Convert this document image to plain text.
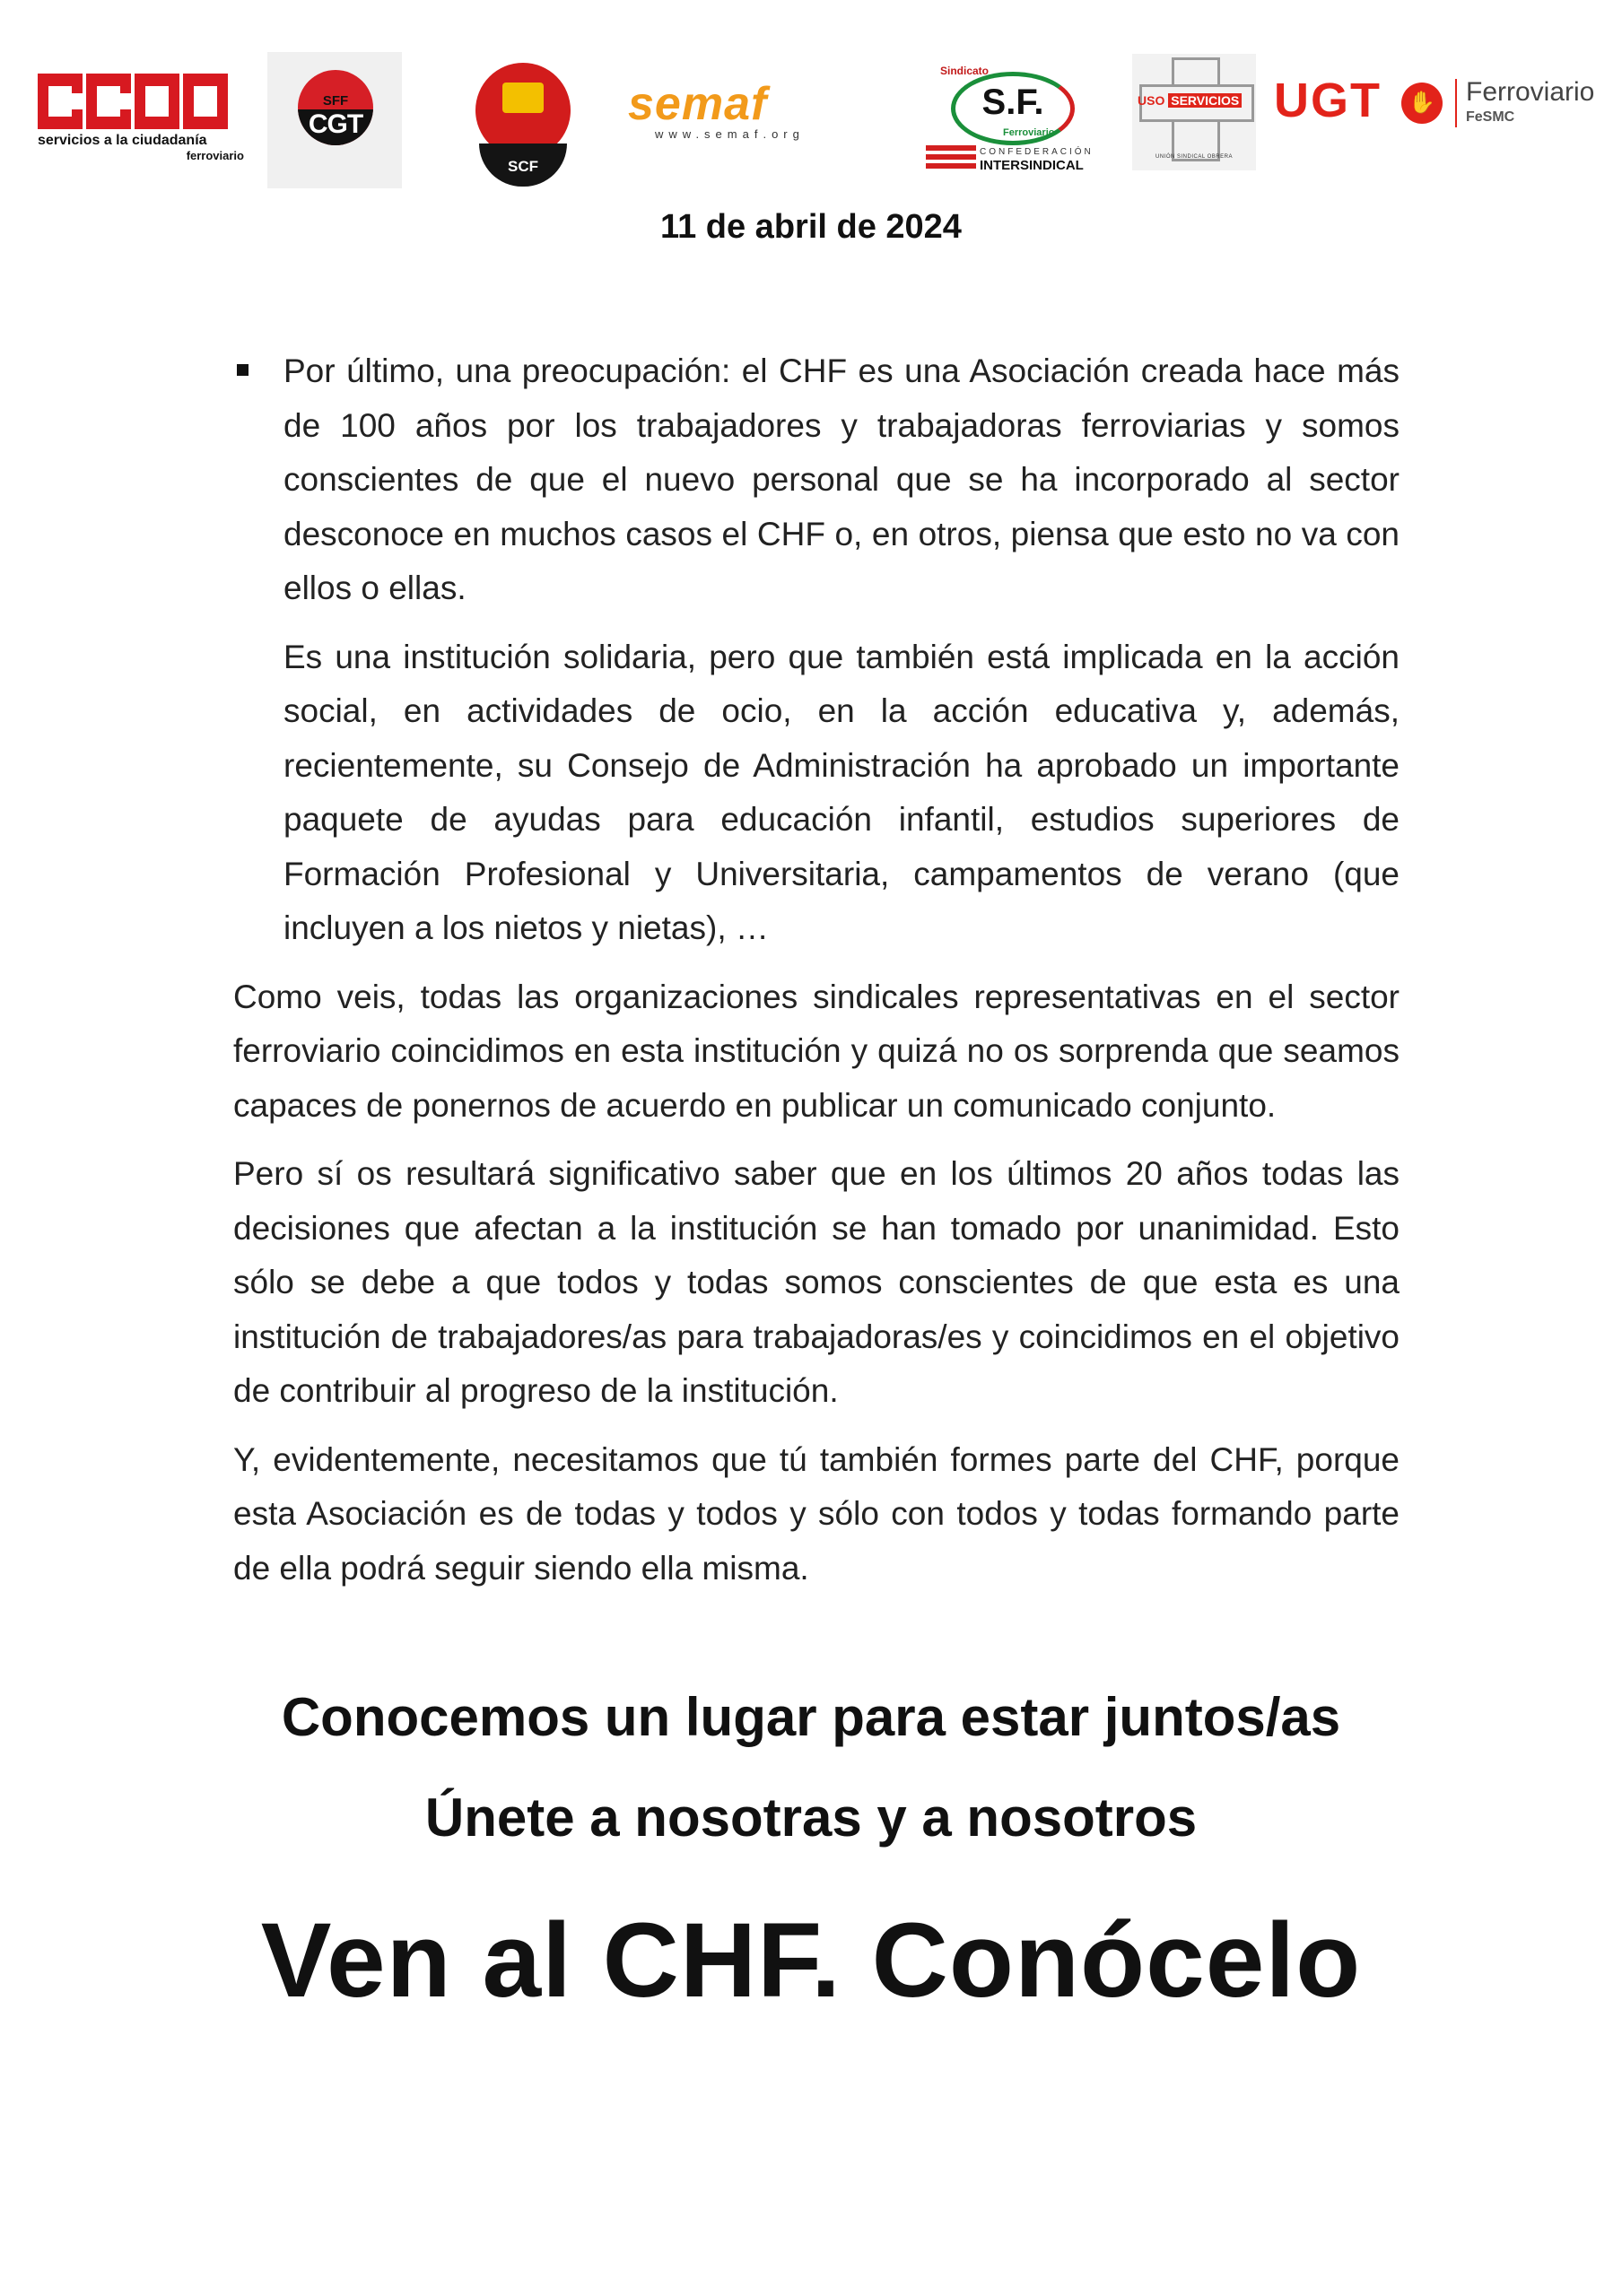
servicios a la ciudadanía
ferroviario
SFF
CGT
SCF
semaf
www.semaf.org
Sindicato
S.F.
Ferroviario
CONFEDERACIÓN
INTERSINDICAL
USO SERVICIOS
UNIÓN SINDICAL OBRERA
UGT	✋ Ferroviario
FeSMC
11 de abril de 2024

Por último, una preocupación: el CHF es una Asociación creada hace más de 100 años por los trabajadores y trabajadoras ferroviarias y somos conscientes de que el nuevo personal que se ha incorporado al sector desconoce en muchos casos el CHF o, en otros, piensa que esto no va con ellos o ellas.

Es una institución solidaria, pero que también está implicada en la acción social, en actividades de ocio, en la acción educativa y, además, recientemente, su Consejo de Administración ha aprobado un importante paquete de ayudas para educación infantil, estudios superiores de Formación Profesional y Universitaria, campamentos de verano (que incluyen a los nietos y nietas), …

Como veis, todas las organizaciones sindicales representativas en el sector ferroviario coincidimos en esta institución y quizá no os sorprenda que seamos capaces de ponernos de acuerdo en publicar un comunicado conjunto.

Pero sí os resultará significativo saber que en los últimos 20 años todas las decisiones que afectan a la institución se han tomado por unanimidad. Esto sólo se debe a que todos y todas somos conscientes de que esta es una institución de trabajadores/as para trabajadoras/es y coincidimos en el objetivo de contribuir al progreso de la institución.

Y, evidentemente, necesitamos que tú también formes parte del CHF, porque esta Asociación es de todas y todos y sólo con todos y todas formando parte de ella podrá seguir siendo ella misma.

Conocemos un lugar para estar juntos/as
Únete a nosotras y a nosotros
Ven al CHF. Conócelo
